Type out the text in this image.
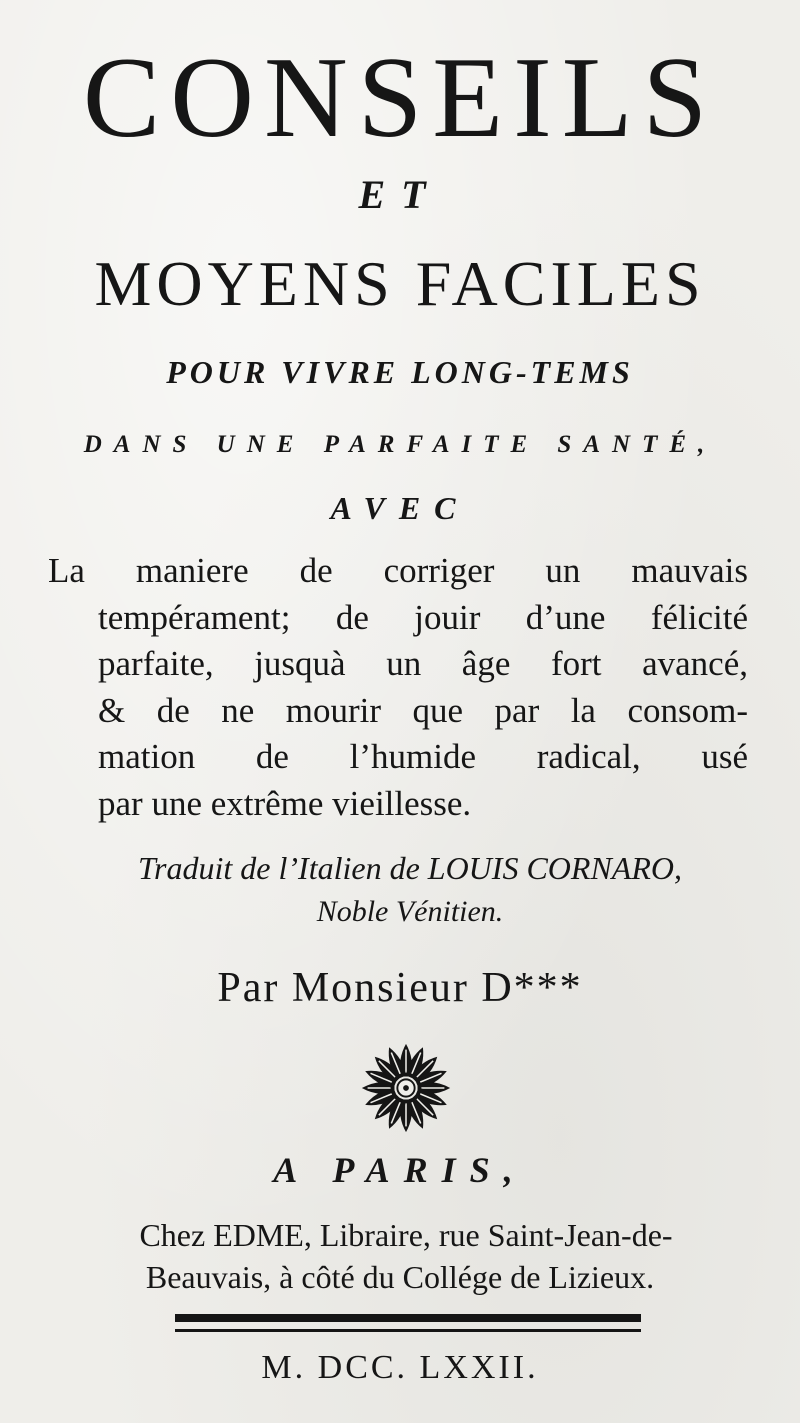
CONSEILS
ET
MOYENS FACILES
POUR VIVRE LONG-TEMS
DANS UNE PARFAITE SANTÉ,
AVEC
La maniere de corriger un mauvais
tempérament; de jouir d’une félicité
parfaite, jusquà un âge fort avancé,
& de ne mourir que par la consom-
mation de l’humide radical, usé
par une extrême vieillesse.
Traduit de l’Italien de LOUIS CORNARO,
Noble Vénitien.
Par Monsieur D***
A PARIS,
Chez EDME, Libraire, rue Saint-Jean-de-
Beauvais, à côté du Collége de Lizieux.
M. DCC. LXXII.
